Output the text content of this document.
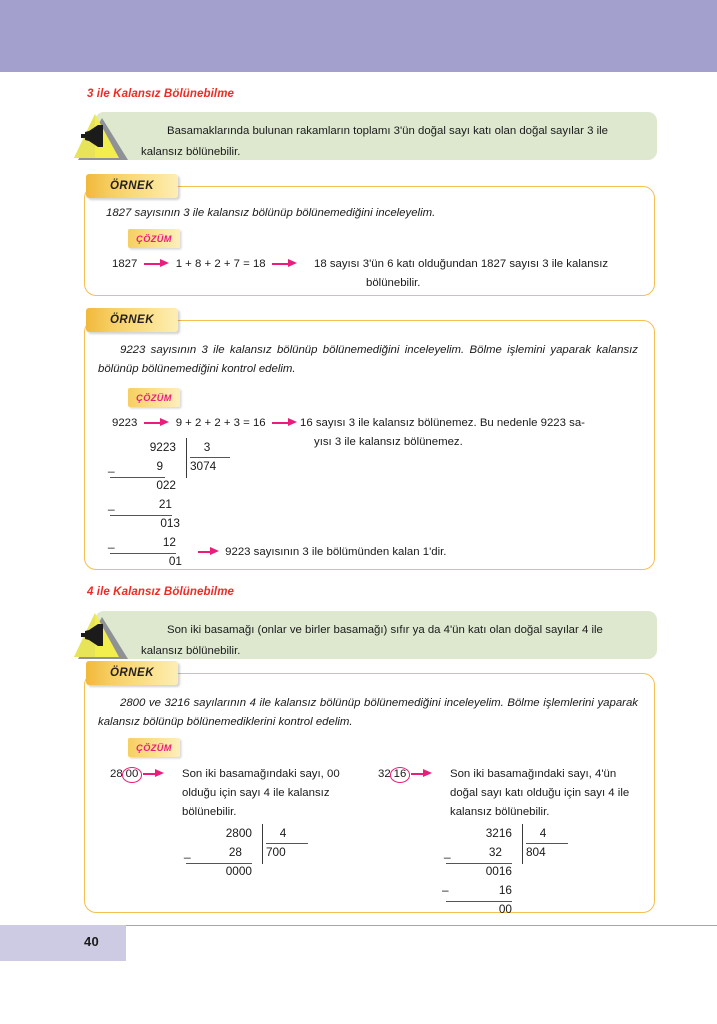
40
3 ile Kalansız Bölünebilme
Basamaklarında bulunan rakamların toplamı 3'ün doğal sayı katı olan doğal sayılar 3 ile kalansız bölünebilir.
ÖRNEK
1827 sayısının 3 ile kalansız bölünüp bölünemediğini inceleyelim.
ÇÖZÜM
1827	1 + 8 + 2 + 7 = 18	18 sayısı 3'ün 6 katı olduğundan 1827 sayısı 3 ile kalansız
bölünebilir.
ÖRNEK
9223 sayısının 3 ile kalansız bölünüp bölünemediğini inceleyelim. Bölme işlemini yaparak kalansız bölünüp bölünemediğini kontrol edelim.
ÇÖZÜM
9223	9 + 2 + 2 + 3 = 16	16 sayısı 3 ile kalansız bölünemez. Bu nedenle 9223 sa-
yısı 3 ile kalansız bölünemez.
9223	3
3074
_	9
022
_	21
013
_	12
01
9223 sayısının 3 ile bölümünden kalan 1'dir.
4 ile Kalansız Bölünebilme
Son iki basamağı (onlar ve birler basamağı) sıfır ya da 4'ün katı olan doğal sayılar 4 ile kalansız bölünebilir.
ÖRNEK
2800 ve 3216 sayılarının 4 ile kalansız bölünüp bölünemediğini inceleyelim. Bölme işlemlerini yaparak kalansız bölünüp bölünemediklerini kontrol edelim.
ÇÖZÜM
28 00	Son iki basamağındaki sayı, 00
olduğu için sayı 4 ile kalansız
bölünebilir.
32 16	Son iki basamağındaki sayı, 4'ün
doğal sayı katı olduğu için sayı 4 ile
kalansız bölünebilir.
2800	4
700
_	28
0000
3216	4
804
_	32
0016
–	16
00
